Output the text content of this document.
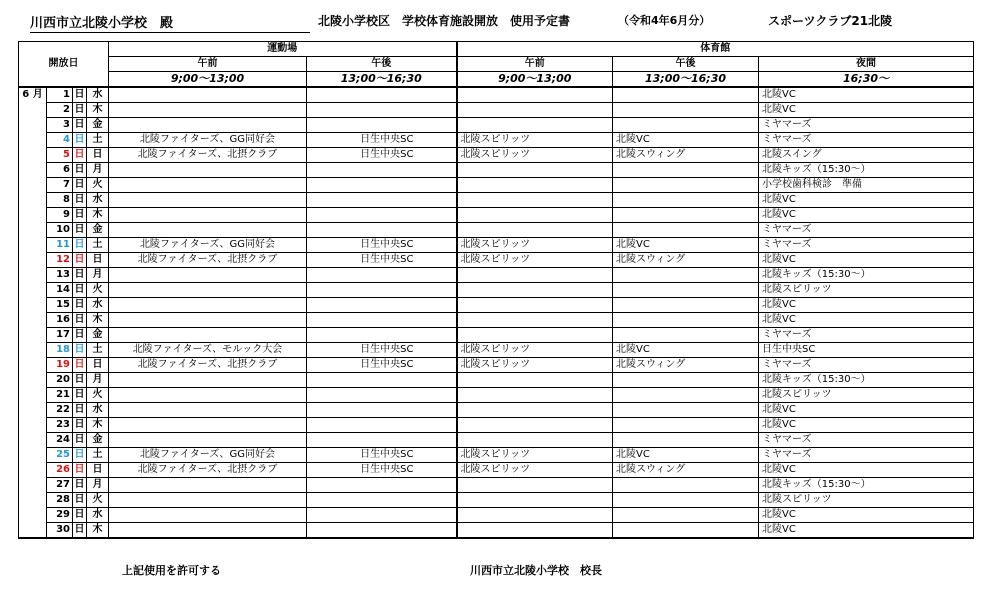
川西市立北陵小学校　殿	北陵小学校区　学校体育施設開放　使用予定書	（令和4年6月分）	スポーツクラブ21北陵
開放日				運動場		体育館		
				午前	午後	午前	午後	夜間
				9;00～13;00	13;00～16;30	9;00～13;00	13;00～16;30	16;30～
6 月	1	日	水					北陵VC
	2	日	木					北陵VC
	3	日	金					ミヤマーズ
	4	日	土	北陵ファイターズ、GG同好会	日生中央SC	北陵スピリッツ	北陵VC	ミヤマーズ
	5	日	日	北陵ファイターズ、北摂クラブ	日生中央SC	北陵スピリッツ	北陵スウィング	北陵スイング
	6	日	月					北陵キッズ（15:30～）
	7	日	火					小学校歯科検診　準備
	8	日	水					北陵VC
	9	日	木					北陵VC
	10	日	金					ミヤマーズ
	11	日	土	北陵ファイターズ、GG同好会	日生中央SC	北陵スピリッツ	北陵VC	ミヤマーズ
	12	日	日	北陵ファイターズ、北摂クラブ	日生中央SC	北陵スピリッツ	北陵スウィング	北陵VC
	13	日	月					北陵キッズ（15:30～）
	14	日	火					北陵スピリッツ
	15	日	水					北陵VC
	16	日	木					北陵VC
	17	日	金					ミヤマーズ
	18	日	土	北陵ファイターズ、モルック大会	日生中央SC	北陵スピリッツ	北陵VC	日生中央SC
	19	日	日	北陵ファイターズ、北摂クラブ	日生中央SC	北陵スピリッツ	北陵スウィング	ミヤマーズ
	20	日	月					北陵キッズ（15:30～）
	21	日	火					北陵スピリッツ
	22	日	水					北陵VC
	23	日	木					北陵VC
	24	日	金					ミヤマーズ
	25	日	土	北陵ファイターズ、GG同好会	日生中央SC	北陵スピリッツ	北陵VC	ミヤマーズ
	26	日	日	北陵ファイターズ、北摂クラブ	日生中央SC	北陵スピリッツ	北陵スウィング	北陵VC
	27	日	月					北陵キッズ（15:30～）
	28	日	火					北陵スピリッツ
	29	日	水					北陵VC
	30	日	木					北陵VC
上記使用を許可する	川西市立北陵小学校　校長
